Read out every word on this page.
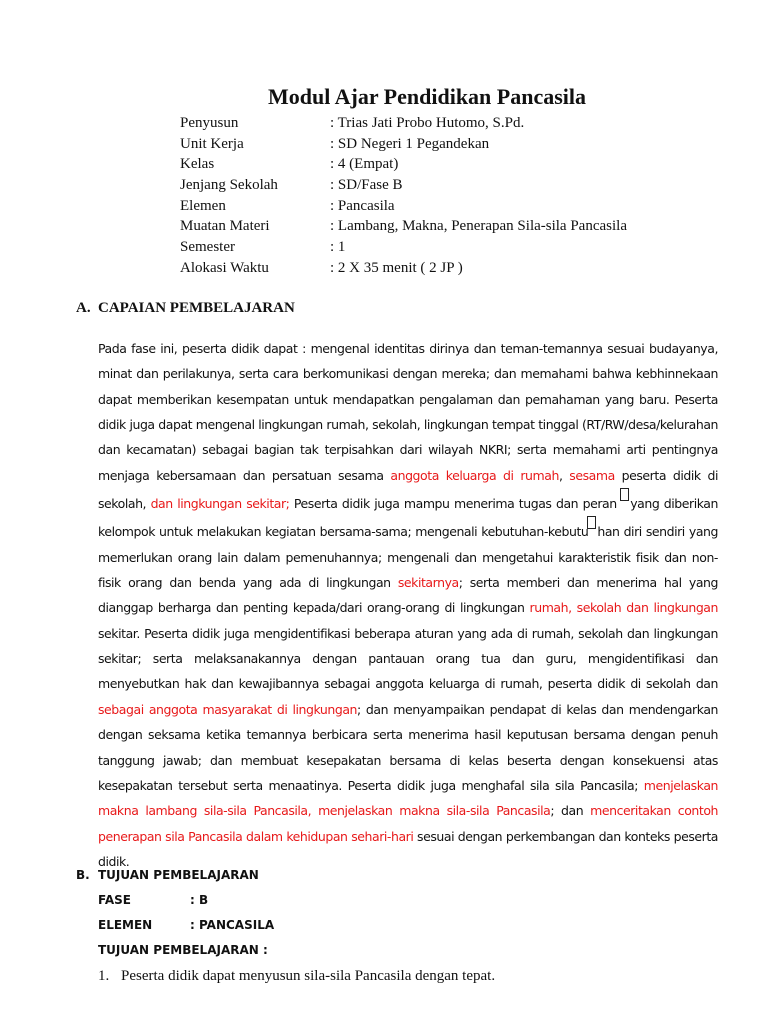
Modul Ajar Pendidikan Pancasila
Penyusun	: Trias Jati Probo Hutomo, S.Pd.
Unit Kerja	: SD Negeri 1 Pegandekan
Kelas	: 4 (Empat)
Jenjang Sekolah	: SD/Fase B
Elemen	: Pancasila
Muatan Materi	: Lambang, Makna, Penerapan Sila-sila Pancasila
Semester	: 1
Alokasi Waktu	: 2 X 35 menit ( 2 JP )
A. CAPAIAN PEMBELAJARAN

Pada fase ini, peserta didik dapat : mengenal identitas dirinya dan teman-temannya sesuai budayanya, minat dan perilakunya, serta cara berkomunikasi dengan mereka; dan memahami bahwa kebhinnekaan dapat memberikan kesempatan untuk mendapatkan pengalaman dan pemahaman yang baru. Peserta didik juga dapat mengenal lingkungan rumah, sekolah, lingkungan tempat tinggal (RT/RW/desa/kelurahan dan kecamatan) sebagai bagian tak terpisahkan dari wilayah NKRI; serta memahami arti pentingnya menjaga kebersamaan dan persatuan sesama anggota keluarga di rumah, sesama peserta didik di sekolah, dan lingkungan sekitar; Peserta didik juga mampu menerima tugas dan peran yang diberikan kelompok untuk melakukan kegiatan bersama-sama; mengenali kebutuhan-kebutu han diri sendiri yang memerlukan orang lain dalam pemenuhannya; mengenali dan mengetahui karakteristik fisik dan non-fisik orang dan benda yang ada di lingkungan sekitarnya; serta memberi dan menerima hal yang dianggap berharga dan penting kepada/dari orang-orang di lingkungan rumah, sekolah dan lingkungan sekitar. Peserta didik juga mengidentifikasi beberapa aturan yang ada di rumah, sekolah dan lingkungan sekitar; serta melaksanakannya dengan pantauan orang tua dan guru, mengidentifikasi dan menyebutkan hak dan kewajibannya sebagai anggota keluarga di rumah, peserta didik di sekolah dan sebagai anggota masyarakat di lingkungan; dan menyampaikan pendapat di kelas dan mendengarkan dengan seksama ketika temannya berbicara serta menerima hasil keputusan bersama dengan penuh tanggung jawab; dan membuat kesepakatan bersama di kelas beserta dengan konsekuensi atas kesepakatan tersebut serta menaatinya. Peserta didik juga menghafal sila sila Pancasila; menjelaskan makna lambang sila-sila Pancasila, menjelaskan makna sila-sila Pancasila; dan menceritakan contoh penerapan sila Pancasila dalam kehidupan sehari-hari sesuai dengan perkembangan dan konteks peserta didik.

B. TUJUAN PEMBELAJARAN
FASE	: B
ELEMEN	: PANCASILA
TUJUAN PEMBELAJARAN :
1. Peserta didik dapat menyusun sila-sila Pancasila dengan tepat.
